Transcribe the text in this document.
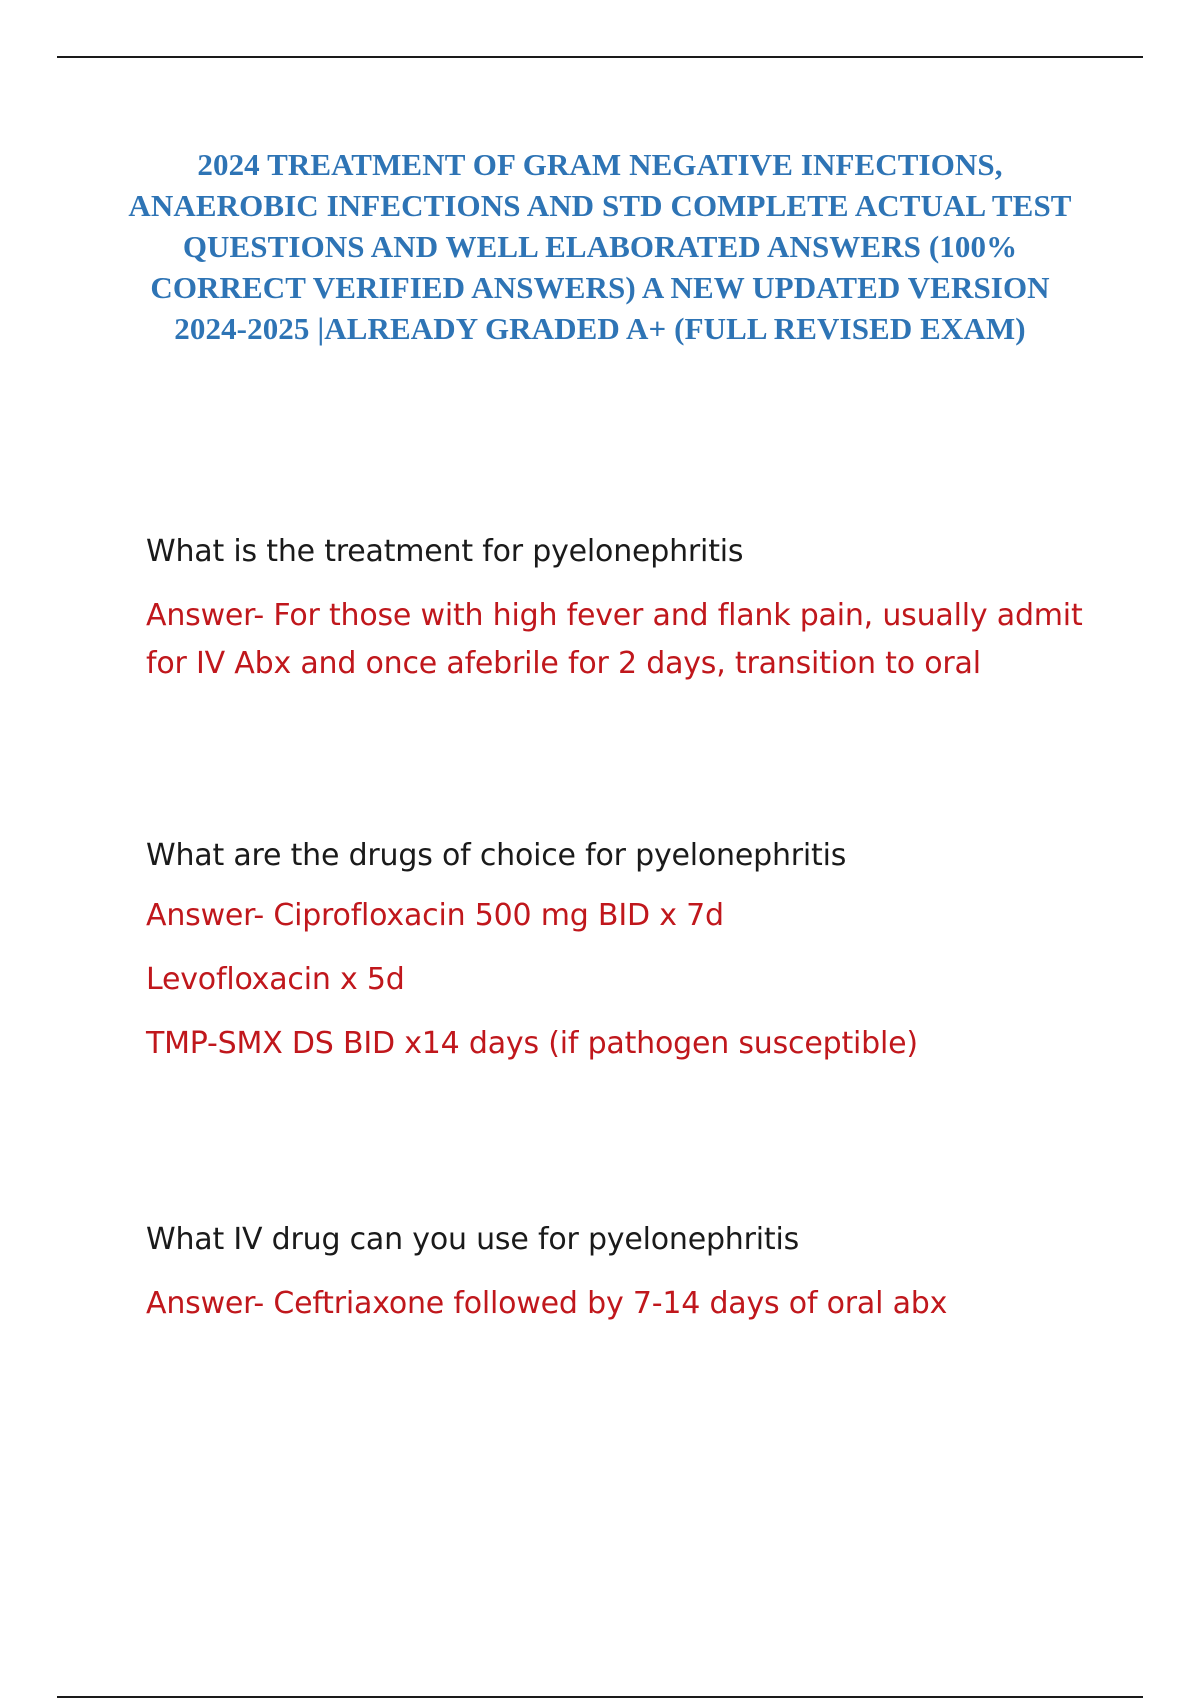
2024 TREATMENT OF GRAM NEGATIVE INFECTIONS, ANAEROBIC INFECTIONS AND STD COMPLETE ACTUAL TEST QUESTIONS AND WELL ELABORATED ANSWERS (100% CORRECT VERIFIED ANSWERS) A NEW UPDATED VERSION 2024-2025 |ALREADY GRADED A+ (FULL REVISED EXAM)

What is the treatment for pyelonephritis

Answer- For those with high fever and flank pain, usually admit for IV Abx and once afebrile for 2 days, transition to oral

What are the drugs of choice for pyelonephritis

Answer- Ciprofloxacin 500 mg BID x 7d

Levofloxacin x 5d

TMP-SMX DS BID x14 days (if pathogen susceptible)

What IV drug can you use for pyelonephritis

Answer- Ceftriaxone followed by 7-14 days of oral abx
